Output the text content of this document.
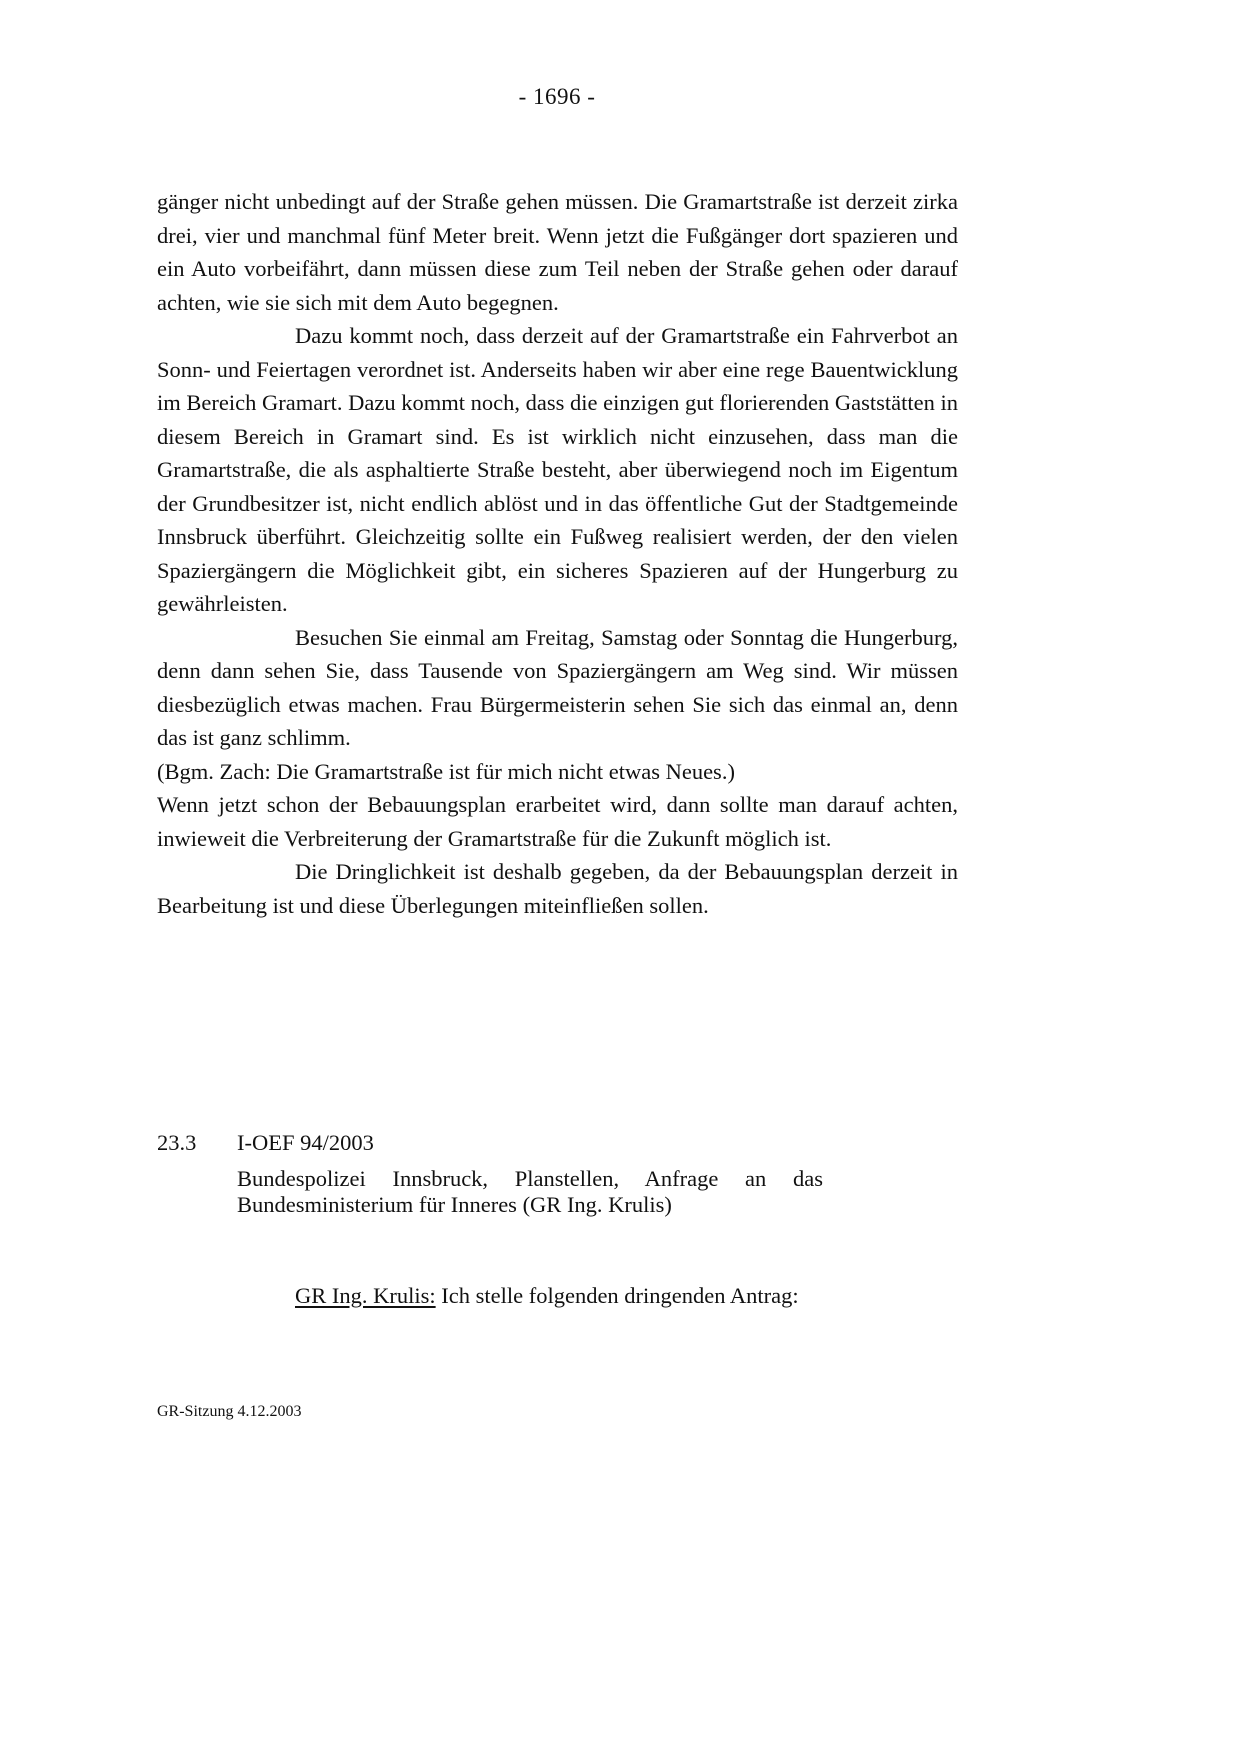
- 1696 -

gänger nicht unbedingt auf der Straße gehen müssen. Die Gramartstraße ist derzeit zirka drei, vier und manchmal fünf Meter breit. Wenn jetzt die Fußgänger dort spazieren und ein Auto vorbeifährt, dann müssen diese zum Teil neben der Straße gehen oder darauf achten, wie sie sich mit dem Auto begegnen.

Dazu kommt noch, dass derzeit auf der Gramartstraße ein Fahrverbot an Sonn- und Feiertagen verordnet ist. Anderseits haben wir aber eine rege Bauentwicklung im Bereich Gramart. Dazu kommt noch, dass die einzigen gut florierenden Gaststätten in diesem Bereich in Gramart sind. Es ist wirklich nicht einzusehen, dass man die Gramartstraße, die als asphaltierte Straße besteht, aber überwiegend noch im Eigentum der Grundbesitzer ist, nicht endlich ablöst und in das öffentliche Gut der Stadtgemeinde Innsbruck überführt. Gleichzeitig sollte ein Fußweg realisiert werden, der den vielen Spaziergängern die Möglichkeit gibt, ein sicheres Spazieren auf der Hungerburg zu gewährleisten.

Besuchen Sie einmal am Freitag, Samstag oder Sonntag die Hungerburg, denn dann sehen Sie, dass Tausende von Spaziergängern am Weg sind. Wir müssen diesbezüglich etwas machen. Frau Bürgermeisterin sehen Sie sich das einmal an, denn das ist ganz schlimm.

(Bgm. Zach: Die Gramartstraße ist für mich nicht etwas Neues.)

Wenn jetzt schon der Bebauungsplan erarbeitet wird, dann sollte man darauf achten, inwieweit die Verbreiterung der Gramartstraße für die Zukunft möglich ist.

Die Dringlichkeit ist deshalb gegeben, da der Bebauungsplan derzeit in Bearbeitung ist und diese Überlegungen miteinfließen sollen.

23.3 I-OEF 94/2003
Bundespolizei Innsbruck, Planstellen, Anfrage an das Bundesministerium für Inneres (GR Ing. Krulis)

GR Ing. Krulis: Ich stelle folgenden dringenden Antrag:

GR-Sitzung 4.12.2003
